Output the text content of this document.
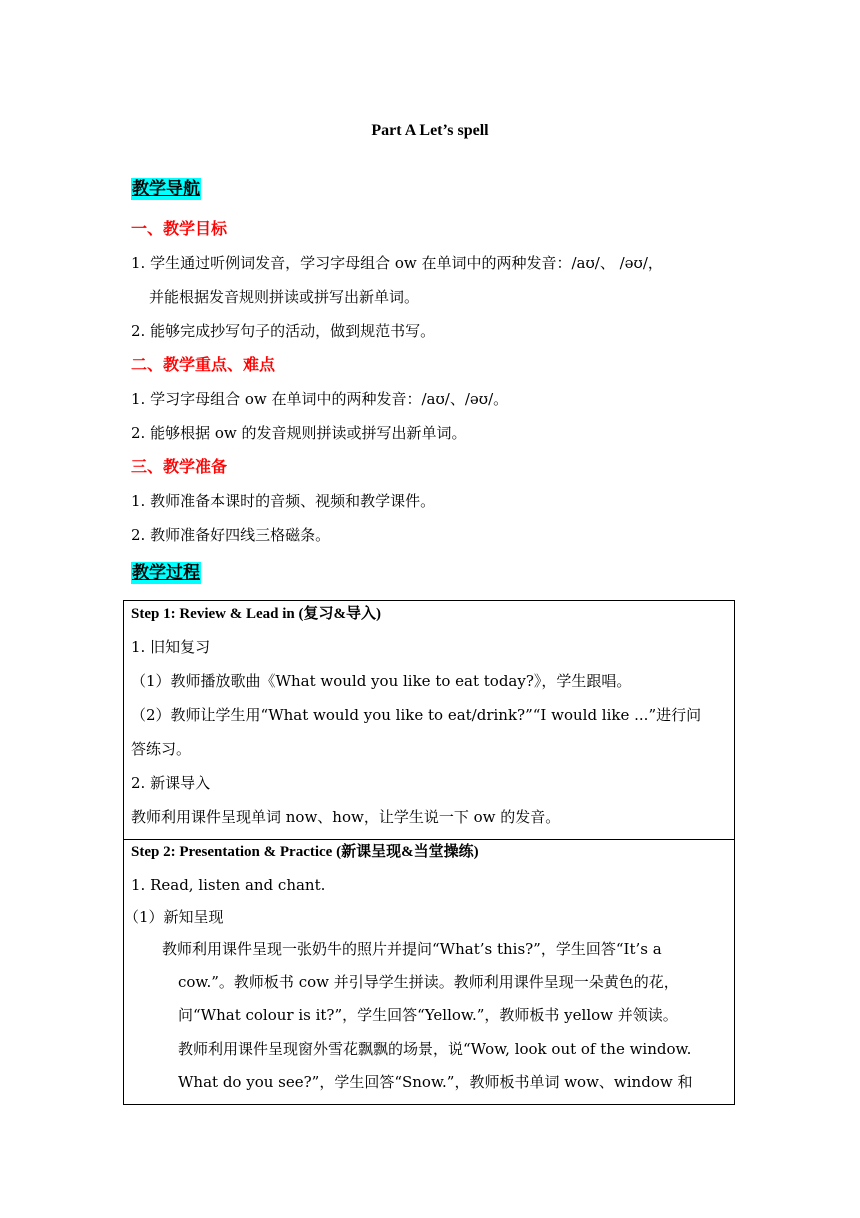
Part A Let’s spell
教学导航
一、教学目标
1. 学生通过听例词发音，学习字母组合 ow 在单词中的两种发音：/aʊ/、 /əʊ/，
并能根据发音规则拼读或拼写出新单词。
2. 能够完成抄写句子的活动，做到规范书写。
二、教学重点、难点
1. 学习字母组合 ow 在单词中的两种发音：/aʊ/、/əʊ/。
2. 能够根据 ow 的发音规则拼读或拼写出新单词。
三、教学准备
1. 教师准备本课时的音频、视频和教学课件。
2. 教师准备好四线三格磁条。
教学过程
Step 1: Review & Lead in (复习&导入)
1. 旧知复习
（1）教师播放歌曲《What would you like to eat today?》，学生跟唱。
（2）教师让学生用“What would you like to eat/drink?”“I would like ...”进行问
答练习。
2. 新课导入
教师利用课件呈现单词 now、how，让学生说一下 ow 的发音。
Step 2: Presentation & Practice (新课呈现&当堂操练)
1. Read, listen and chant.
（1）新知呈现
教师利用课件呈现一张奶牛的照片并提问“What’s this?”，学生回答“It’s a
cow.”。教师板书 cow 并引导学生拼读。教师利用课件呈现一朵黄色的花，
问“What colour is it?”，学生回答“Yellow.”，教师板书 yellow 并领读。
教师利用课件呈现窗外雪花飘飘的场景，说“Wow, look out of the window.
What do you see?”，学生回答“Snow.”，教师板书单词 wow、window 和
